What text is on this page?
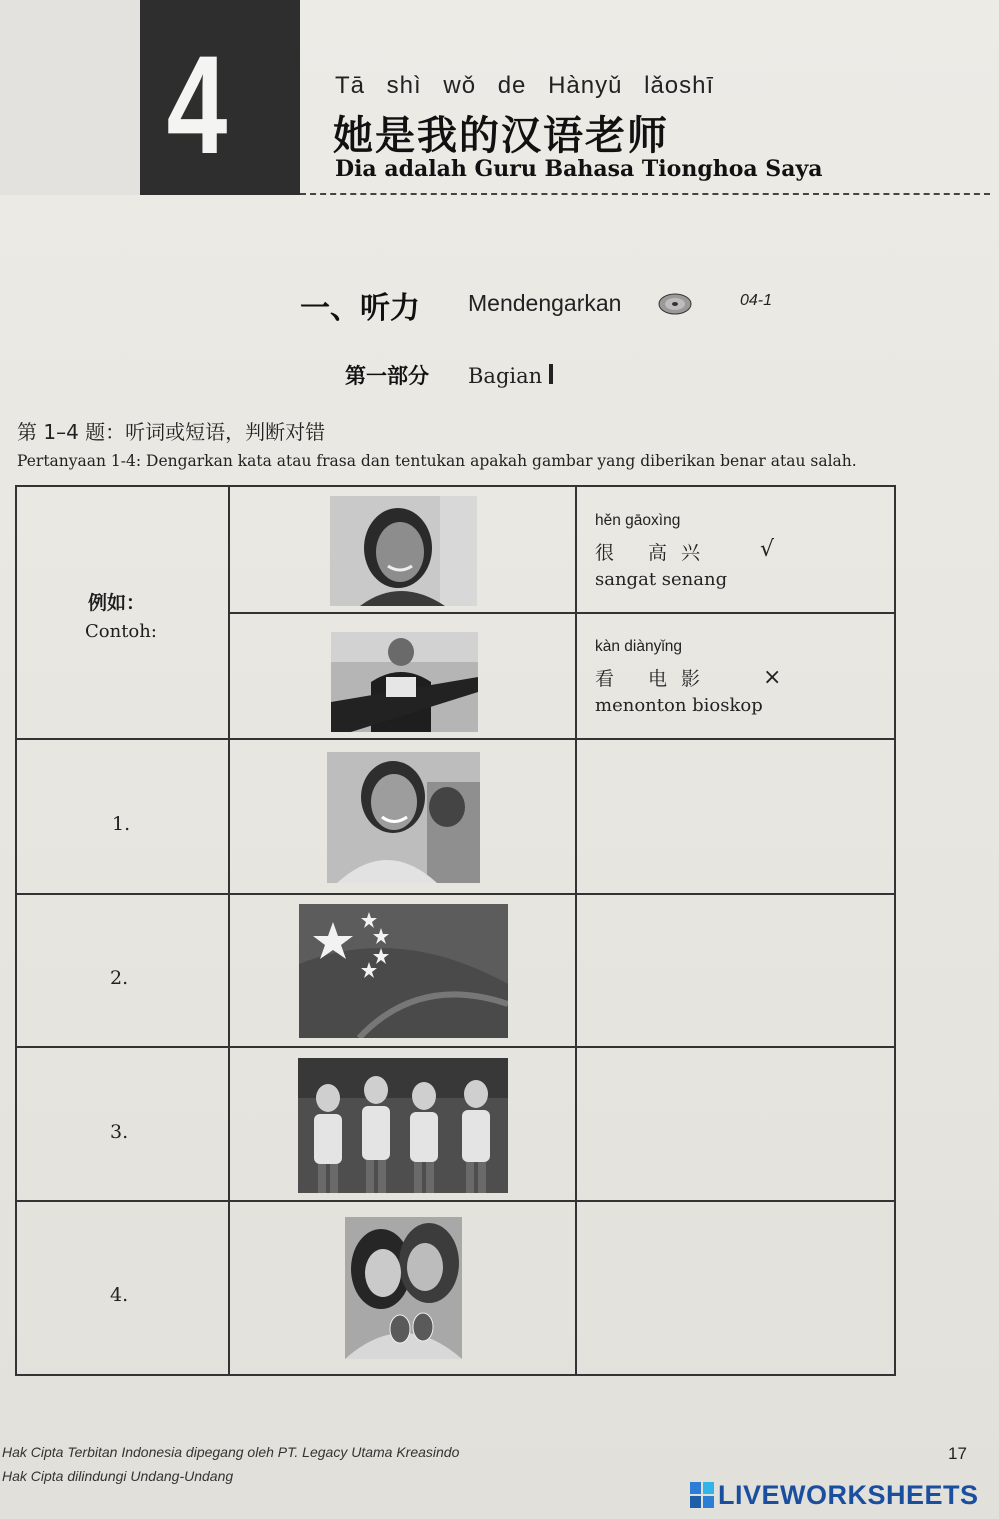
4	Tā shì wǒ de Hànyǔ lǎoshī
她是我的汉语老师
Dia adalah Guru Bahasa Tionghoa Saya
一、听力 Mendengarkan	04-1
第一部分 Bagian
第 1–4 题：听词或短语，判断对错
Pertanyaan 1-4: Dengarkan kata atau frasa dan tentukan apakah gambar yang diberikan benar atau salah.
例如：
Contoh:
hěn gāoxìng
很 高兴
sangat senang
√
kàn diànyǐng
看 电影
menonton bioskop
×
1.
2.
3.
4.
Hak Cipta Terbitan Indonesia dipegang oleh PT. Legacy Utama Kreasindo
Hak Cipta dilindungi Undang-Undang
17
LIVEWORKSHEETS
